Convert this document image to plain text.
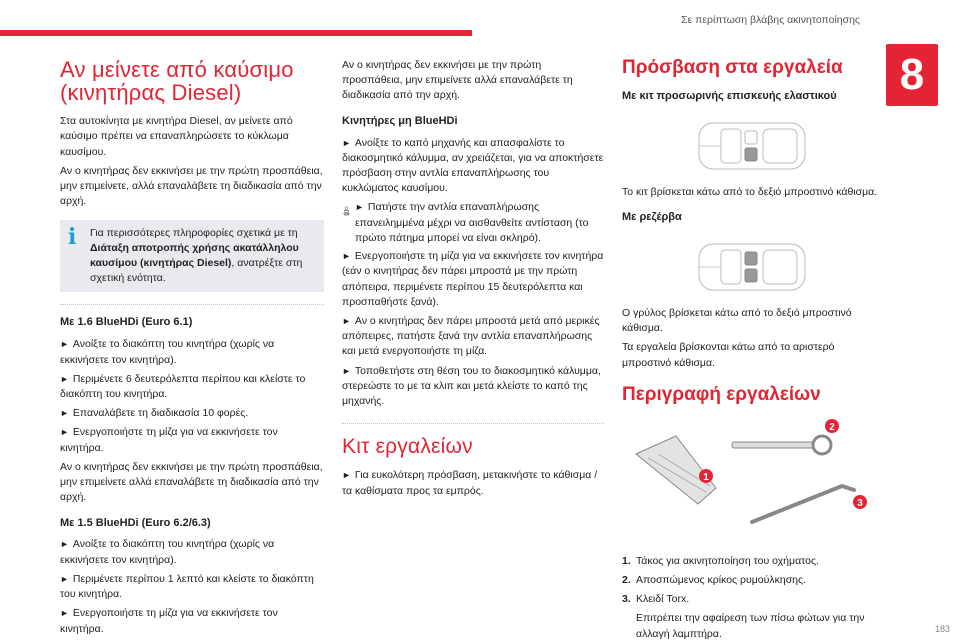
Σε περίπτωση βλάβης ακινητοποίησης
8
183
Αν μείνετε από καύσιμο
(κινητήρας Diesel)

Στα αυτοκίνητα με κινητήρα Diesel, αν μείνετε από καύσιμο πρέπει να επαναπληρώσετε το κύκλωμα καυσίμου.

Αν ο κινητήρας δεν εκκινήσει με την πρώτη προσπάθεια, μην επιμείνετε, αλλά επαναλάβετε τη διαδικασία από την αρχή.

i	Για περισσότερες πληροφορίες σχετικά με τη Διάταξη αποτροπής χρήσης ακατάλληλου καυσίμου (κινητήρας Diesel), ανατρέξτε στη σχετική ενότητα.
Με 1.6 BlueHDi (Euro 6.1)

► Ανοίξτε το διακόπτη του κινητήρα (χωρίς να εκκινήσετε τον κινητήρα).

► Περιμένετε 6 δευτερόλεπτα περίπου και κλείστε το διακόπτη του κινητήρα.

► Επαναλάβετε τη διαδικασία 10 φορές.

► Ενεργοποιήστε τη μίζα για να εκκινήσετε τον κινητήρα.

Αν ο κινητήρας δεν εκκινήσει με την πρώτη προσπάθεια, μην επιμείνετε αλλά επαναλάβετε τη διαδικασία από την αρχή.

Με 1.5 BlueHDi (Euro 6.2/6.3)

► Ανοίξτε το διακόπτη του κινητήρα (χωρίς να εκκινήσετε τον κινητήρα).

► Περιμένετε περίπου 1 λεπτό και κλείστε το διακόπτη του κινητήρα.

► Ενεργοποιήστε τη μίζα για να εκκινήσετε τον κινητήρα.

Αν ο κινητήρας δεν εκκινήσει με την πρώτη προσπάθεια, μην επιμείνετε αλλά επαναλάβετε τη διαδικασία από την αρχή.

Κινητήρες μη BlueHDi

► Ανοίξτε το καπό μηχανής και απασφαλίστε το διακοσμητικό κάλυμμα, αν χρειάζεται, για να αποκτήσετε πρόσβαση στην αντλία επαναπλήρωσης του κυκλώματος καυσίμου.

► Πατήστε την αντλία επαναπλήρωσης επανειλημμένα μέχρι να αισθανθείτε αντίσταση (το πρώτο πάτημα μπορεί να είναι σκληρό).

► Ενεργοποιήστε τη μίζα για να εκκινήσετε τον κινητήρα (εάν ο κινητήρας δεν πάρει μπροστά με την πρώτη απόπειρα, περιμένετε περίπου 15 δευτερόλεπτα και προσπαθήστε ξανά).

► Αν ο κινητήρας δεν πάρει μπροστά μετά από μερικές απόπειρες, πατήστε ξανά την αντλία επαναπλήρωσης και μετά ενεργοποιήστε τη μίζα.

► Τοποθετήστε στη θέση του το διακοσμητικό κάλυμμα, στερεώστε το με τα κλιπ και μετά κλείστε το καπό της μηχανής.

Κιτ εργαλείων

► Για ευκολότερη πρόσβαση, μετακινήστε το κάθισμα / τα καθίσματα προς τα εμπρός.

Πρόσβαση στα εργαλεία
Με κιτ προσωρινής επισκευής ελαστικού

Το κιτ βρίσκεται κάτω από το δεξιό μπροστινό κάθισμα.

Με ρεζέρβα

Ο γρύλος βρίσκεται κάτω από το δεξιό μπροστινό κάθισμα.

Τα εργαλεία βρίσκονται κάτω από το αριστερό μπροστινό κάθισμα.

Περιγραφή εργαλείων
1
2
3

1. Τάκος για ακινητοποίηση του οχήματος.

2. Αποσπώμενος κρίκος ρυμούλκησης.

3. Κλειδί Torx.

Επιτρέπει την αφαίρεση των πίσω φώτων για την αλλαγή λαμπτήρα.
